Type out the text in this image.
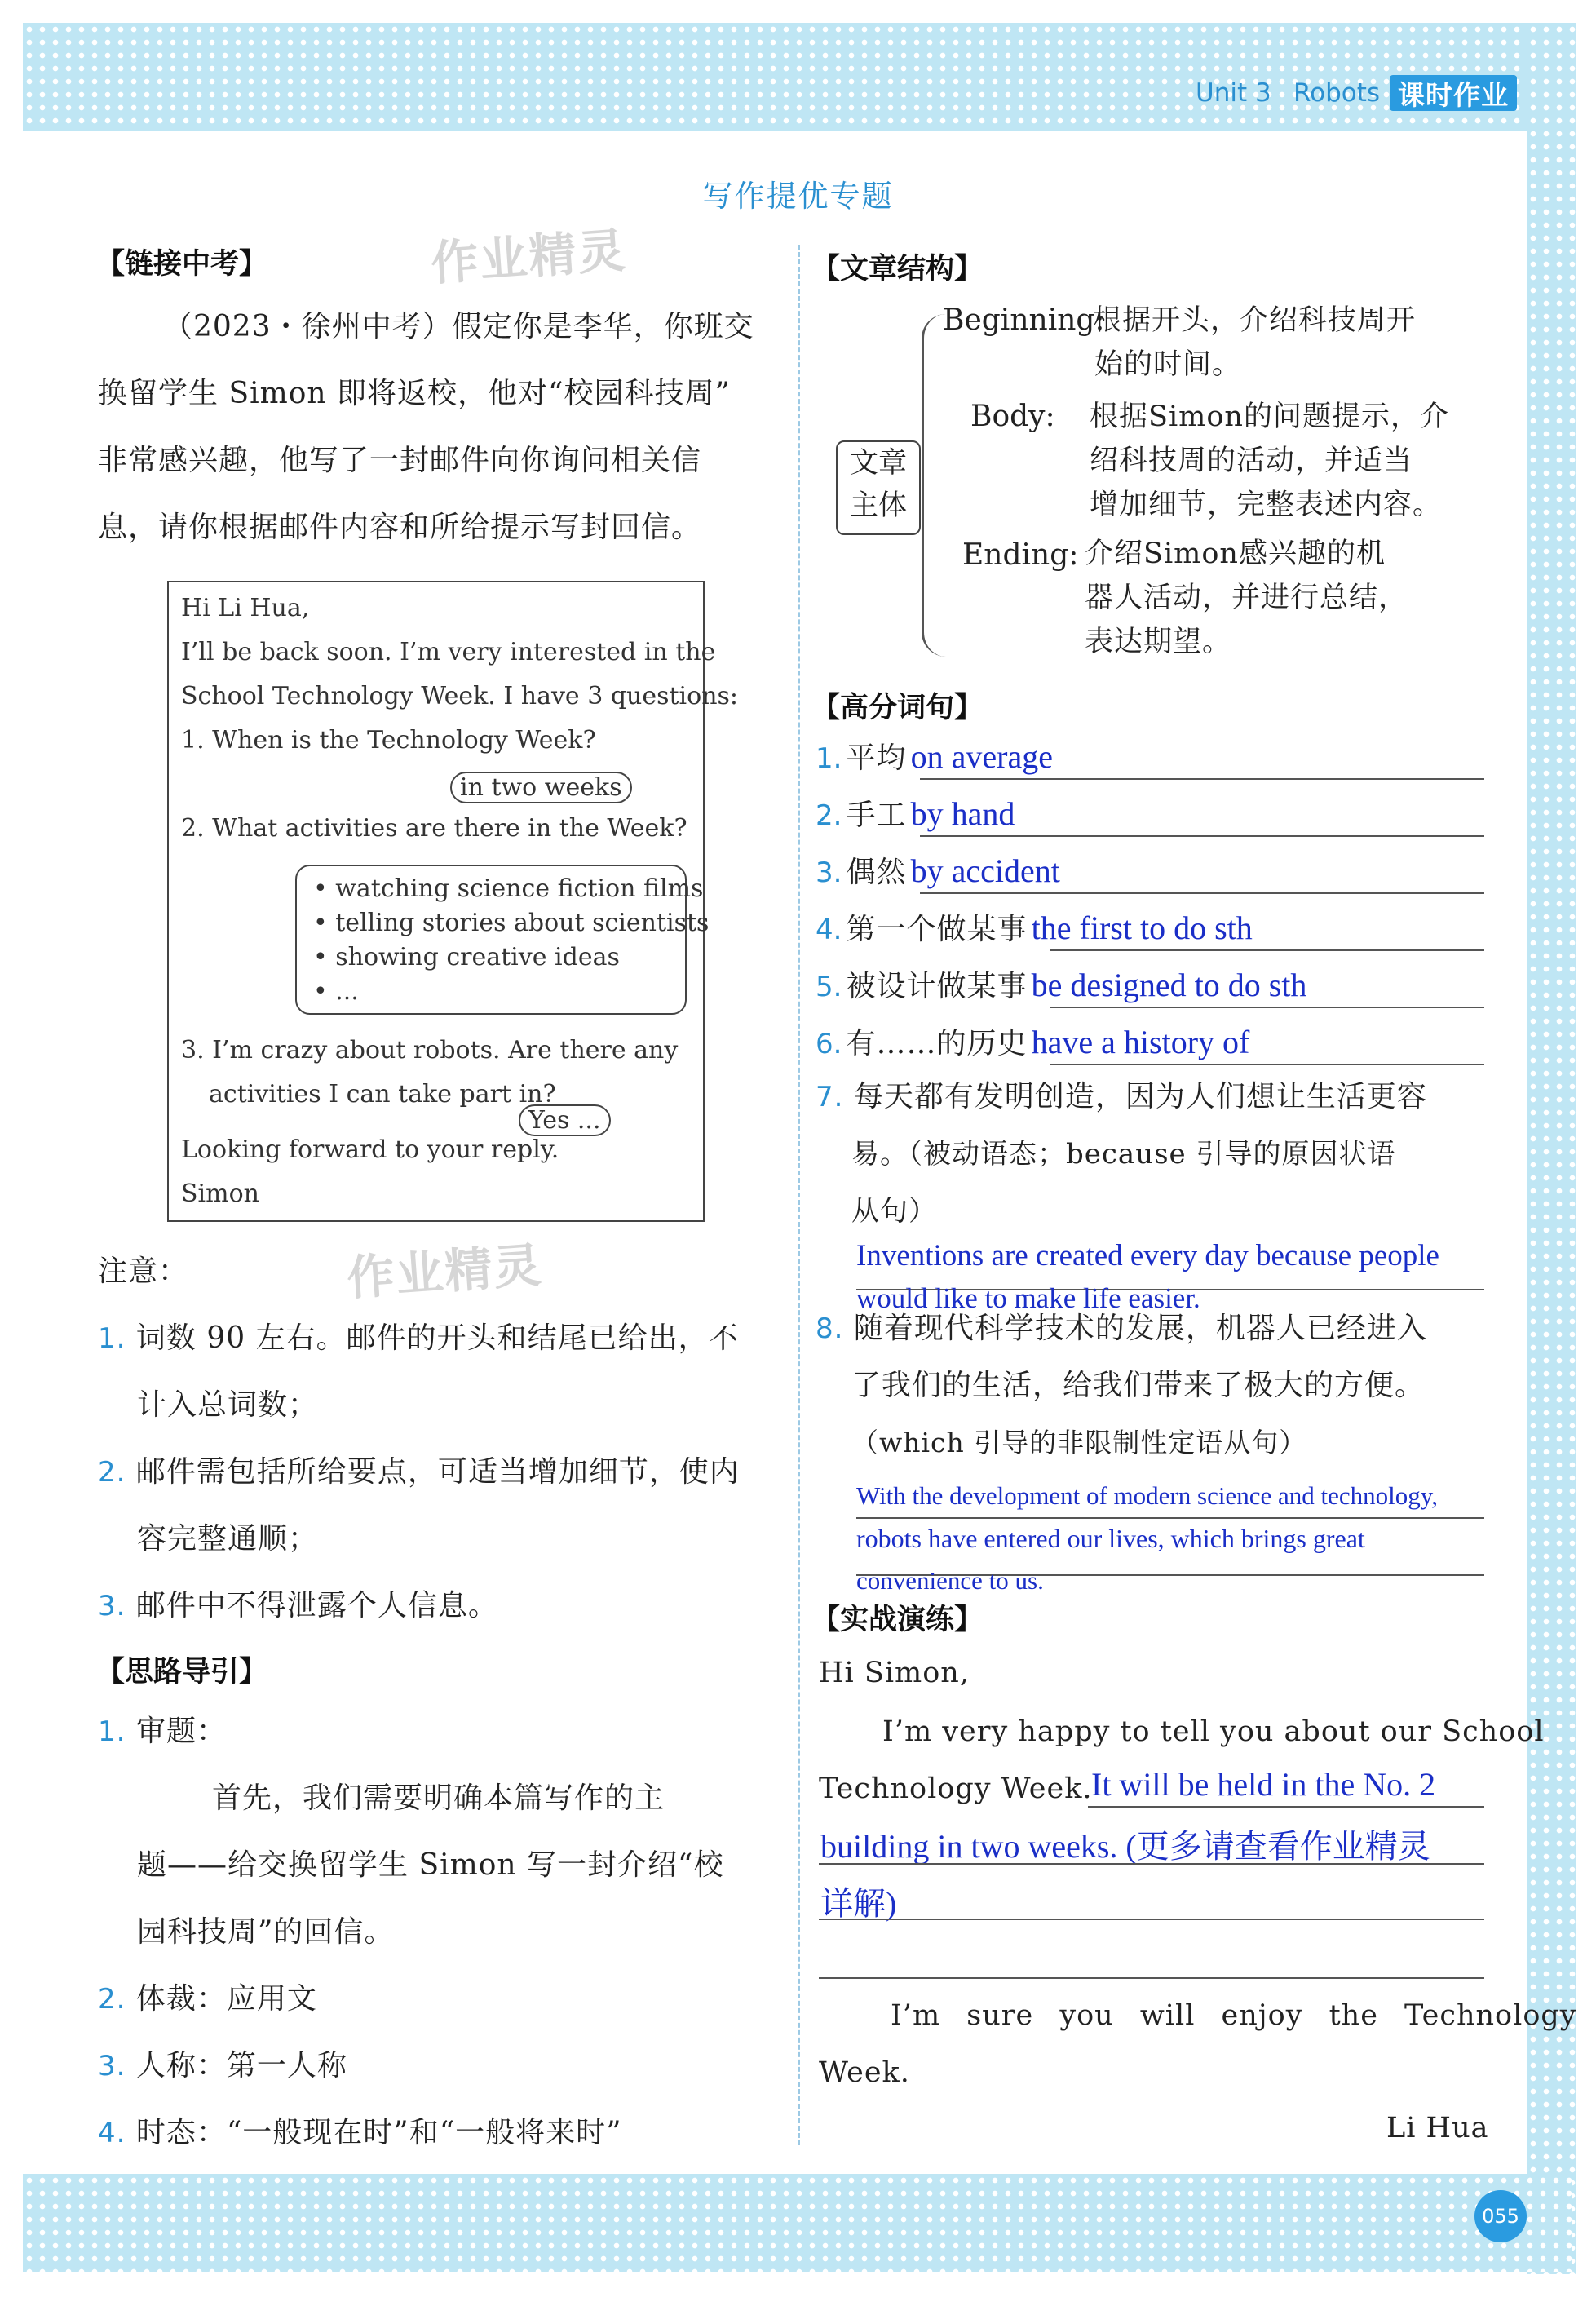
Unit 3 Robots 课时作业
写作提优专题
【链接中考】	作业精灵
（2023・徐州中考）假定你是李华，你班交
换留学生 Simon 即将返校，他对“校园科技周”
非常感兴趣，他写了一封邮件向你询问相关信
息，请你根据邮件内容和所给提示写封回信。
Hi Li Hua,
I’ll be back soon. I’m very interested in the
School Technology Week. I have 3 questions:
1. When is the Technology Week?
in two weeks
2. What activities are there in the Week?
• watching science fiction films
• telling stories about scientists
• showing creative ideas
• ...
3. I’m crazy about robots. Are there any
activities I can take part in?
Yes ...
Looking forward to your reply.
Simon
注意：	作业精灵
1. 词数 90 左右。邮件的开头和结尾已给出，不
计入总词数；
2. 邮件需包括所给要点，可适当增加细节，使内
容完整通顺；
3. 邮件中不得泄露个人信息。
【思路导引】
1. 审题：
首先，我们需要明确本篇写作的主
题——给交换留学生 Simon 写一封介绍“校
园科技周”的回信。
2. 体裁：应用文
3. 人称：第一人称
4. 时态：“一般现在时”和“一般将来时”
【文章结构】
文章
主体
Beginning:
根据开头，介绍科技周开
始的时间。
Body: 根据Simon的问题提示，介
绍科技周的活动，并适当
增加细节，完整表述内容。
Ending: 介绍Simon感兴趣的机
器人活动，并进行总结，
表达期望。
【高分词句】
1. 平均 on average
2. 手工 by hand
3. 偶然 by accident
4. 第一个做某事 the first to do sth
5. 被设计做某事 be designed to do sth
6. 有……的历史 have a history of
7. 每天都有发明创造，因为人们想让生活更容
易。（被动语态；because 引导的原因状语
从句）
Inventions are created every day because people
would like to make life easier.
8. 随着现代科学技术的发展，机器人已经进入
了我们的生活，给我们带来了极大的方便。
（which 引导的非限制性定语从句）
With the development of modern science and technology,
robots have entered our lives, which brings great
convenience to us.
【实战演练】
Hi Simon,
I’m very happy to tell you about our School
Technology Week.
It will be held in the No. 2
building in two weeks. (更多请查看作业精灵
详解)
I’m sure you will enjoy the Technology
Week.
Li Hua
055
